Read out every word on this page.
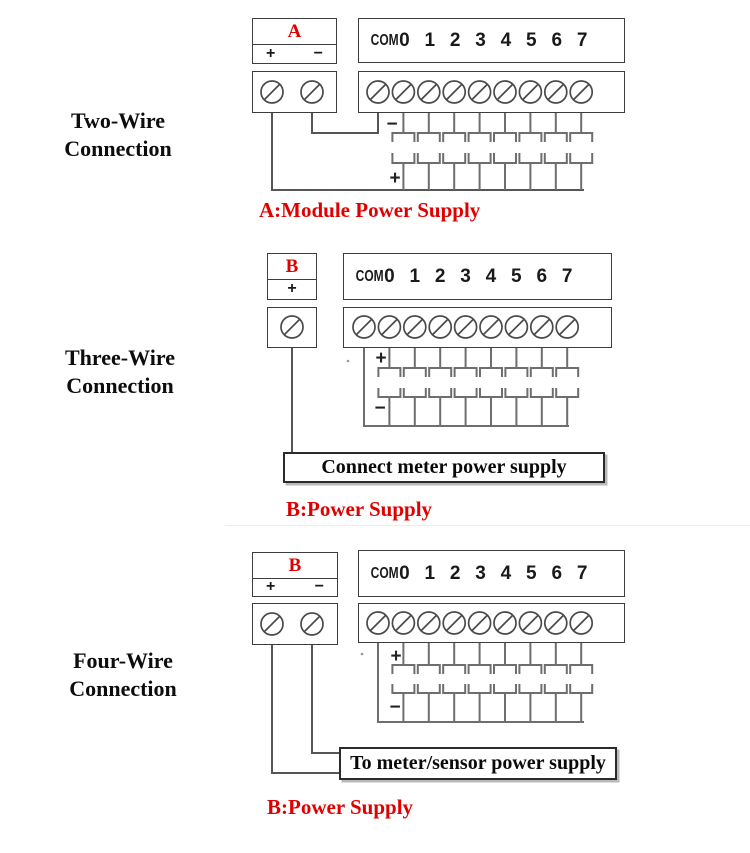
Two-Wire
Connection
Three-Wire
Connection
Four-Wire
Connection
A
+ −
COM 0 1 2 3 4 5 6 7
A:Module Power Supply
B
+
COM 0 1 2 3 4 5 6 7
Connect meter power supply
B:Power Supply
B
+ −
COM 0 1 2 3 4 5 6 7
To meter/sensor power supply
B:Power Supply
−
+
+
−
+
−
